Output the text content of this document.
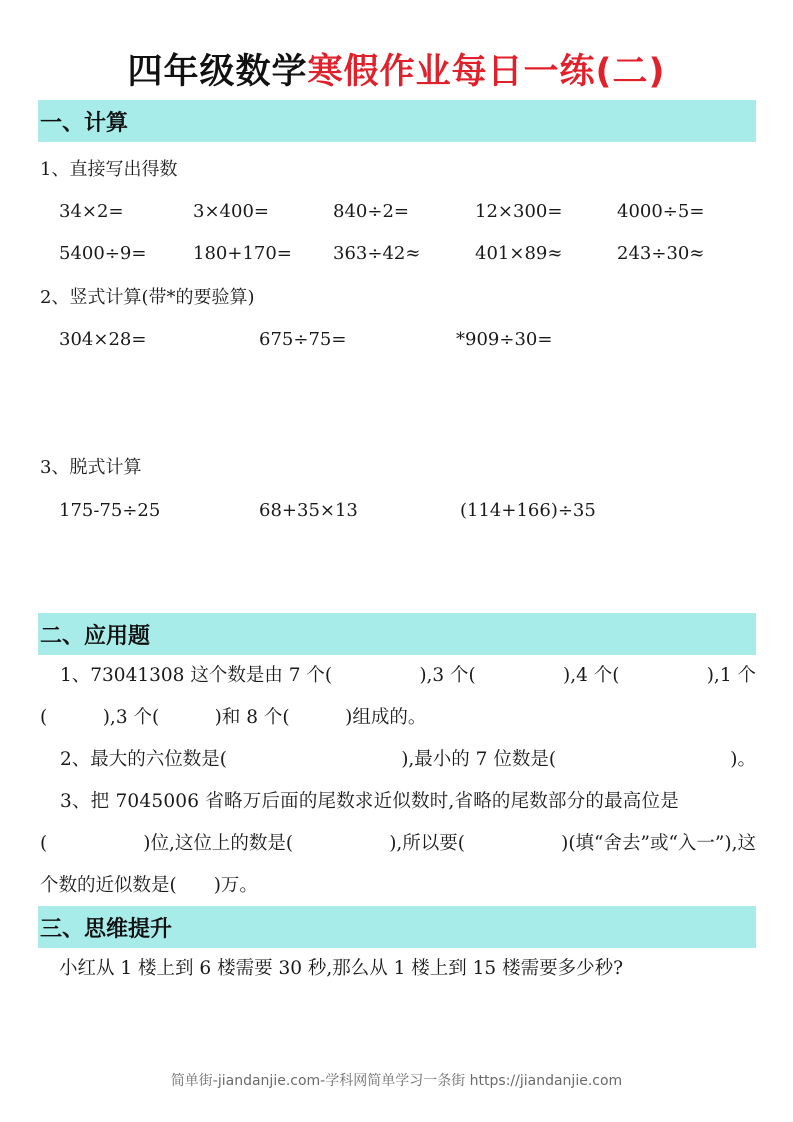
四年级数学寒假作业每日一练(二)
一、计算
1、直接写出得数
34×2=	3×400=	840÷2=	12×300=	4000÷5=
5400÷9=	180+170= 363÷42≈	401×89≈	243÷30≈
2、竖式计算(带*的要验算)
304×28=	675÷75=	*909÷30=
3、脱式计算
175-75÷25	68+35×13	(114+166)÷35
二、应用题
1、73041308 这个数是由 7 个(	),3 个(	),4 个(	),1 个
(　　　),3 个(　　　)和 8 个(　　　)组成的。
2、最大的六位数是(	),最小的 7 位数是(	)。
3、把 7045006 省略万后面的尾数求近似数时,省略的尾数部分的最高位是
(	)位,这位上的数是(	),所以要(	)(填“舍去”或“入一”),这
个数的近似数是(　　)万。
三、思维提升
小红从 1 楼上到 6 楼需要 30 秒,那么从 1 楼上到 15 楼需要多少秒?
简单街-jiandanjie.com-学科网简单学习一条街 https://jiandanjie.com
